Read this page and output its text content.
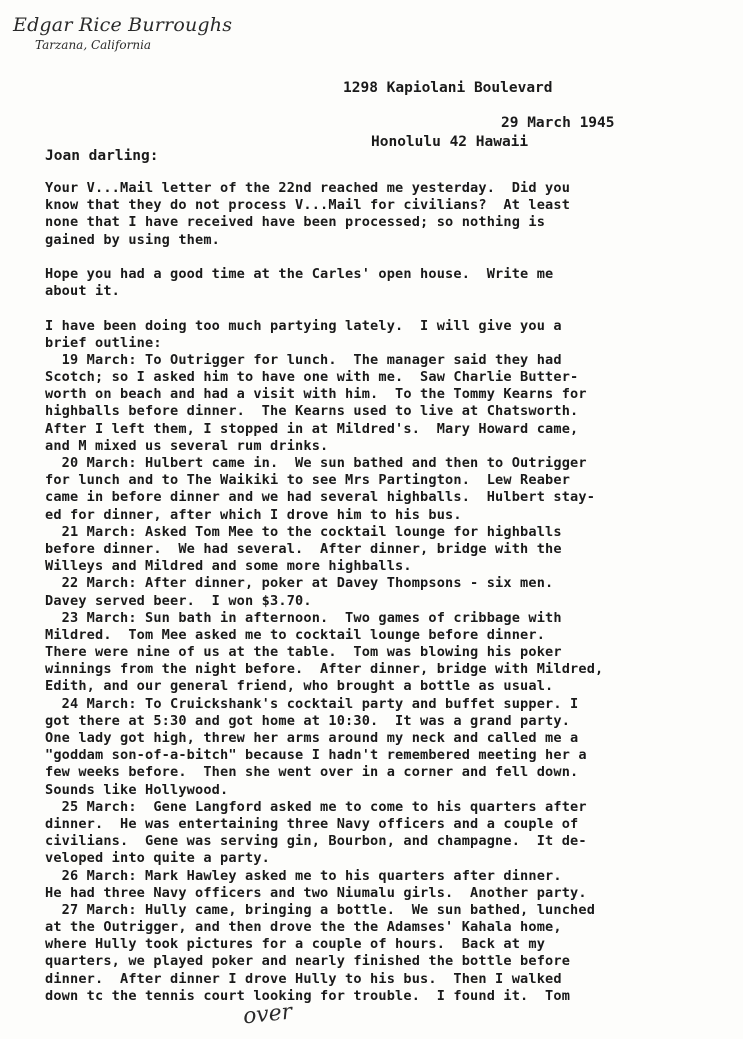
Edgar Rice Burroughs
Tarzana, California

1298 Kapiolani Boulevard

Honolulu 42 Hawaii

29 March 1945
Joan darling:
Your V...Mail letter of the 22nd reached me yesterday.  Did you
know that they do not process V...Mail for civilians?  At least
none that I have received have been processed; so nothing is
gained by using them.
Hope you had a good time at the Carles' open house.  Write me
about it.
I have been doing too much partying lately.  I will give you a
brief outline:
19 March: To Outrigger for lunch.  The manager said they had
Scotch; so I asked him to have one with me.  Saw Charlie Butter-
worth on beach and had a visit with him.  To the Tommy Kearns for
highballs before dinner.  The Kearns used to live at Chatsworth.
After I left them, I stopped in at Mildred's.  Mary Howard came,
and M mixed us several rum drinks.
20 March: Hulbert came in.  We sun bathed and then to Outrigger
for lunch and to The Waikiki to see Mrs Partington.  Lew Reaber
came in before dinner and we had several highballs.  Hulbert stay-
ed for dinner, after which I drove him to his bus.
21 March: Asked Tom Mee to the cocktail lounge for highballs
before dinner.  We had several.  After dinner, bridge with the
Willeys and Mildred and some more highballs.
22 March: After dinner, poker at Davey Thompsons - six men.
Davey served beer.  I won $3.70.
23 March: Sun bath in afternoon.  Two games of cribbage with
Mildred.  Tom Mee asked me to cocktail lounge before dinner.
There were nine of us at the table.  Tom was blowing his poker
winnings from the night before.  After dinner, bridge with Mildred,
Edith, and our general friend, who brought a bottle as usual.
24 March: To Cruickshank's cocktail party and buffet supper. I
got there at 5:30 and got home at 10:30.  It was a grand party.
One lady got high, threw her arms around my neck and called me a
"goddam son-of-a-bitch" because I hadn't remembered meeting her a
few weeks before.  Then she went over in a corner and fell down.
Sounds like Hollywood.
25 March:  Gene Langford asked me to come to his quarters after
dinner.  He was entertaining three Navy officers and a couple of
civilians.  Gene was serving gin, Bourbon, and champagne.  It de-
veloped into quite a party.
26 March: Mark Hawley asked me to his quarters after dinner.
He had three Navy officers and two Niumalu girls.  Another party.
27 March: Hully came, bringing a bottle.  We sun bathed, lunched
at the Outrigger, and then drove the the Adamses' Kahala home,
where Hully took pictures for a couple of hours.  Back at my
quarters, we played poker and nearly finished the bottle before
dinner.  After dinner I drove Hully to his bus.  Then I walked
down tc the tennis court looking for trouble.  I found it.  Tom
over
